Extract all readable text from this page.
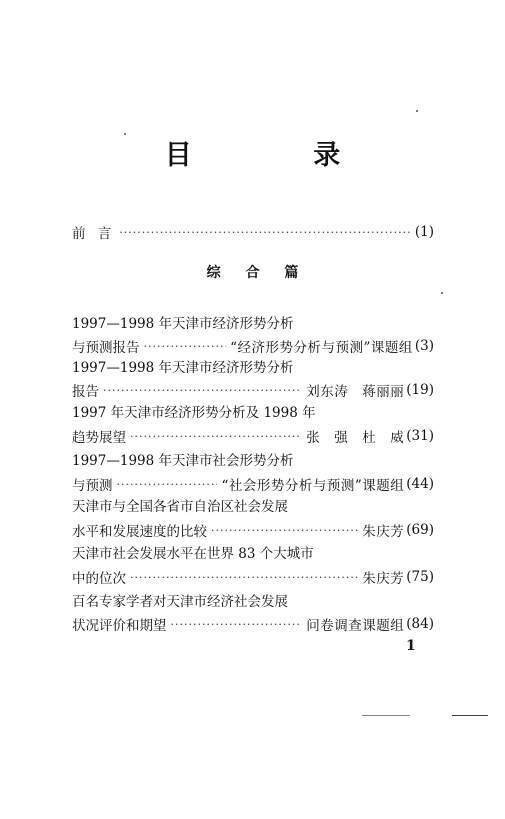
目 录
前 言 ·····	(1)
综 合 篇
1997—1998 年天津市经济形势分析
与预测报告 ·····	“经济形势分析与预测”课题组 (3)
1997—1998 年天津市经济形势分析
报告 ·····	刘东涛　蒋丽丽 (19)
1997 年天津市经济形势分析及 1998 年
趋势展望 ·····	张　强　杜　威 (31)
1997—1998 年天津市社会形势分析
与预测 ·····	“社会形势分析与预测”课题组 (44)
天津市与全国各省市自治区社会发展
水平和发展速度的比较 ·····	朱庆芳 (69)
天津市社会发展水平在世界 83 个大城市
中的位次 ·····	朱庆芳 (75)
百名专家学者对天津市经济社会发展
状况评价和期望 ·····	问卷调查课题组 (84)
1
